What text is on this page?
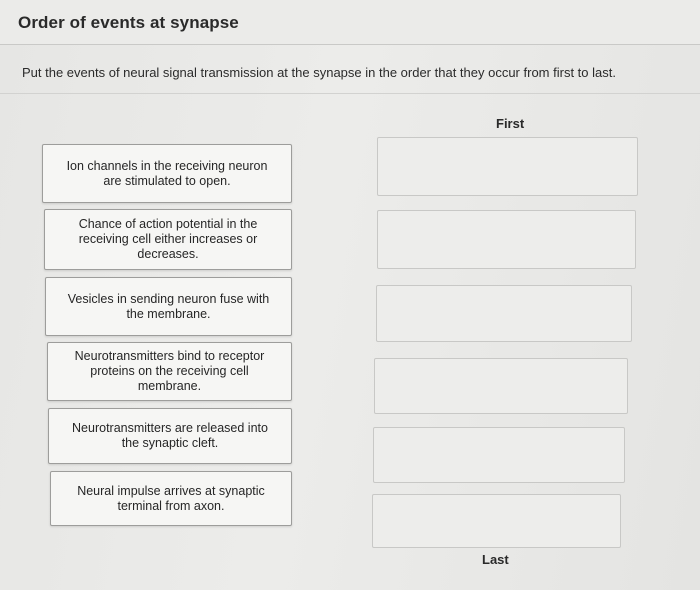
Order of events at synapse
Put the events of neural signal transmission at the synapse in the order that they occur from first to last.
First
Ion channels in the receiving neuron are stimulated to open.
Chance of action potential in the receiving cell either increases or decreases.
Vesicles in sending neuron fuse with the membrane.
Neurotransmitters bind to receptor proteins on the receiving cell membrane.
Neurotransmitters are released into the synaptic cleft.
Neural impulse arrives at synaptic terminal from axon.
Last
